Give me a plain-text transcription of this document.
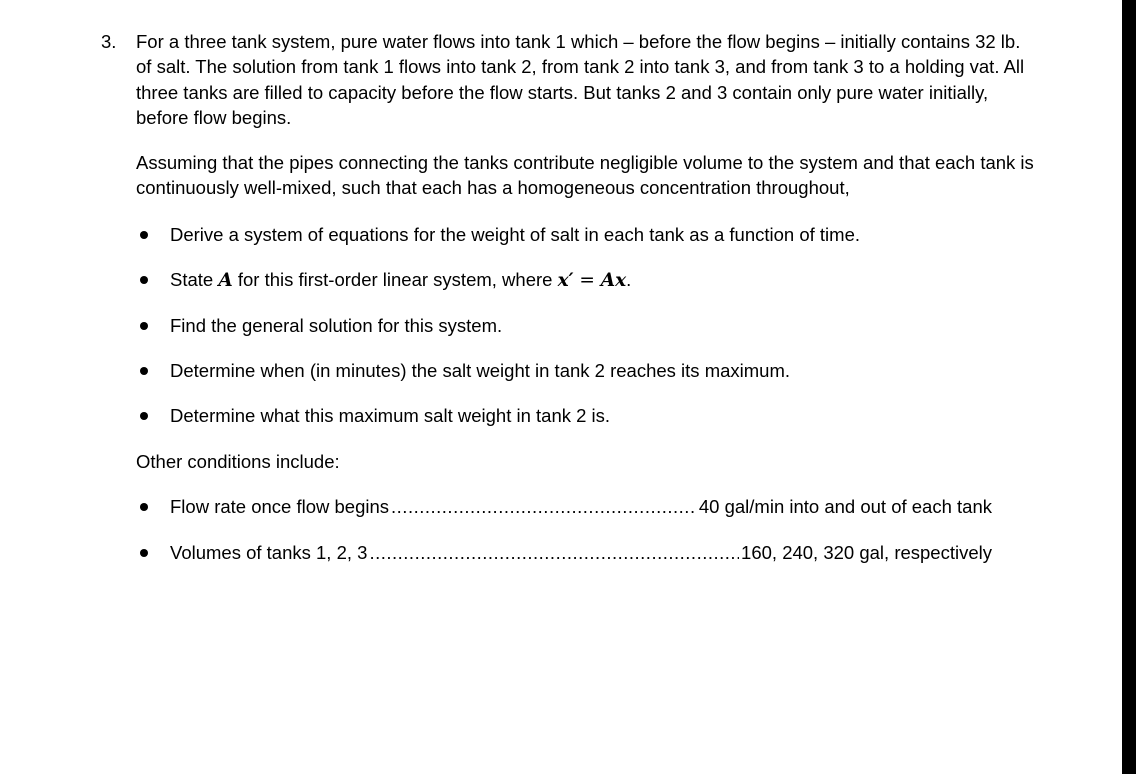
3. For a three tank system, pure water flows into tank 1 which – before the flow begins – initially contains 32 lb. of salt. The solution from tank 1 flows into tank 2, from tank 2 into tank 3, and from tank 3 to a holding vat. All three tanks are filled to capacity before the flow starts. But tanks 2 and 3 contain only pure water initially, before flow begins.

Assuming that the pipes connecting the tanks contribute negligible volume to the system and that each tank is continuously well-mixed, such that each has a homogeneous concentration throughout,

Derive a system of equations for the weight of salt in each tank as a function of time.
State A for this first-order linear system, where x′ = Ax.
Find the general solution for this system.
Determine when (in minutes) the salt weight in tank 2 reaches its maximum.
Determine what this maximum salt weight in tank 2 is.
Other conditions include:
Flow rate once flow begins .....	40 gal/min into and out of each tank
Volumes of tanks 1, 2, 3 .....	160, 240, 320 gal, respectively
